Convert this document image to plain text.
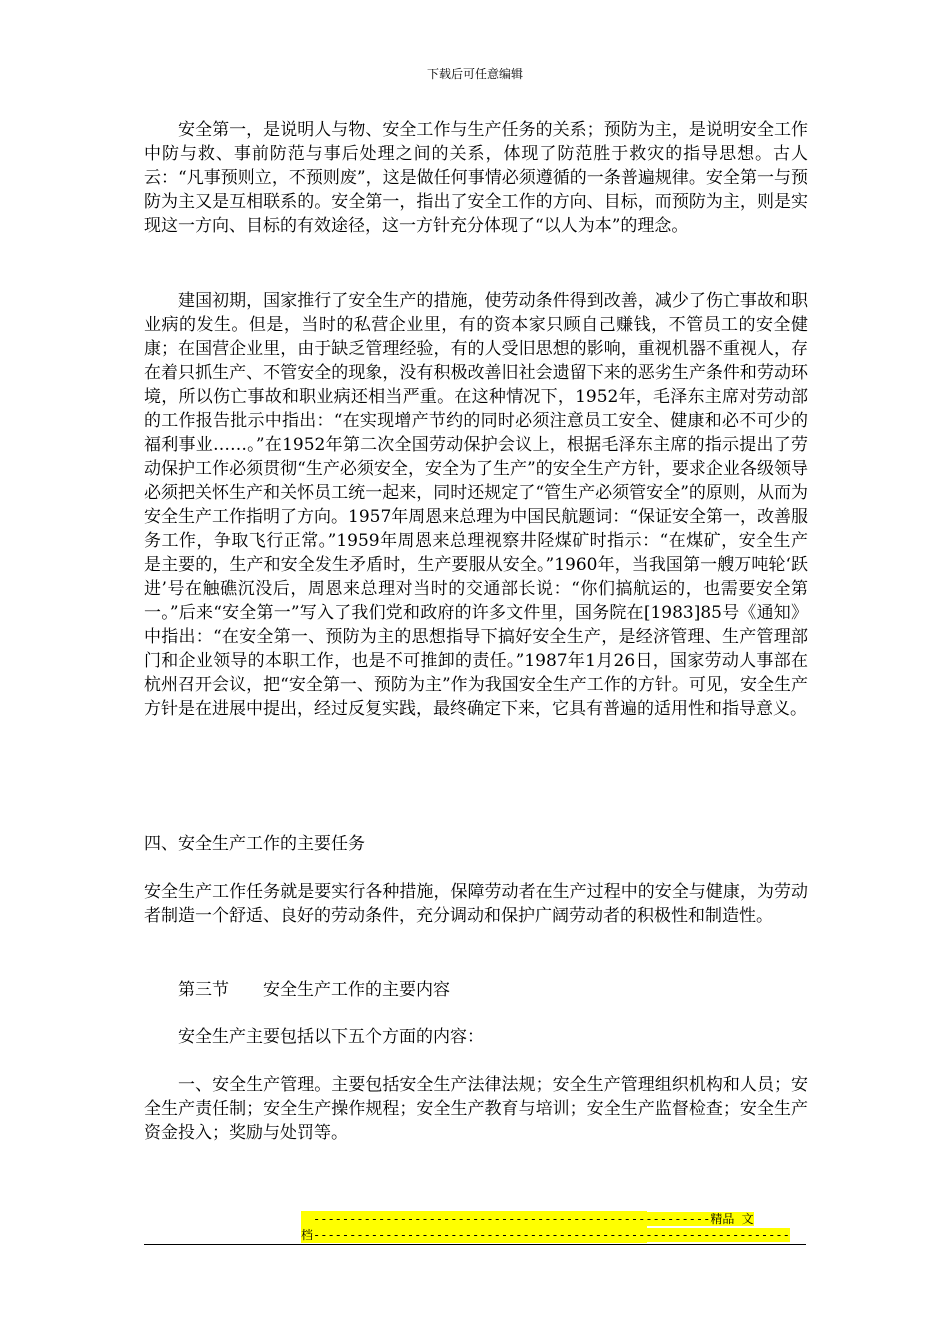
下载后可任意编辑

　　安全第一，是说明人与物、安全工作与生产任务的关系；预防为主，是说明安全工作中防与救、事前防范与事后处理之间的关系，体现了防范胜于救灾的指导思想。古人云：“凡事预则立，不预则废”，这是做任何事情必须遵循的一条普遍规律。安全第一与预防为主又是互相联系的。安全第一，指出了安全工作的方向、目标，而预防为主，则是实现这一方向、目标的有效途径，这一方针充分体现了“以人为本”的理念。

　　建国初期，国家推行了安全生产的措施，使劳动条件得到改善，减少了伤亡事故和职业病的发生。但是，当时的私营企业里，有的资本家只顾自己赚钱，不管员工的安全健康；在国营企业里，由于缺乏管理经验，有的人受旧思想的影响，重视机器不重视人，存在着只抓生产、不管安全的现象，没有积极改善旧社会遗留下来的恶劣生产条件和劳动环境，所以伤亡事故和职业病还相当严重。在这种情况下，1952年，毛泽东主席对劳动部的工作报告批示中指出：“在实现增产节约的同时必须注意员工安全、健康和必不可少的福利事业……。”在1952年第二次全国劳动保护会议上，根据毛泽东主席的指示提出了劳动保护工作必须贯彻“生产必须安全，安全为了生产”的安全生产方针，要求企业各级领导必须把关怀生产和关怀员工统一起来，同时还规定了“管生产必须管安全”的原则，从而为安全生产工作指明了方向。1957年周恩来总理为中国民航题词：“保证安全第一，改善服务工作，争取飞行正常。”1959年周恩来总理视察井陉煤矿时指示：“在煤矿，安全生产是主要的，生产和安全发生矛盾时，生产要服从安全。”1960年，当我国第一艘万吨轮‘跃进’号在触礁沉没后，周恩来总理对当时的交通部长说：“你们搞航运的，也需要安全第一。”后来“安全第一”写入了我们党和政府的许多文件里，国务院在[1983]85号《通知》中指出：“在安全第一、预防为主的思想指导下搞好安全生产，是经济管理、生产管理部门和企业领导的本职工作，也是不可推卸的责任。”1987年1月26日，国家劳动人事部在杭州召开会议，把“安全第一、预防为主”作为我国安全生产工作的方针。可见，安全生产方针是在进展中提出，经过反复实践，最终确定下来，它具有普遍的适用性和指导意义。

四、安全生产工作的主要任务

安全生产工作任务就是要实行各种措施，保障劳动者在生产过程中的安全与健康，为劳动者制造一个舒适、良好的劳动条件，充分调动和保护广阔劳动者的积极性和制造性。

　　第三节　　安全生产工作的主要内容

　　安全生产主要包括以下五个方面的内容：

　　一、安全生产管理。主要包括安全生产法律法规；安全生产管理组织机构和人员；安全生产责任制；安全生产操作规程；安全生产教育与培训；安全生产监督检查；安全生产资金投入；奖励与处罚等。

-------------------------------------------------------精品 文
档------------------------------------------------------------------
